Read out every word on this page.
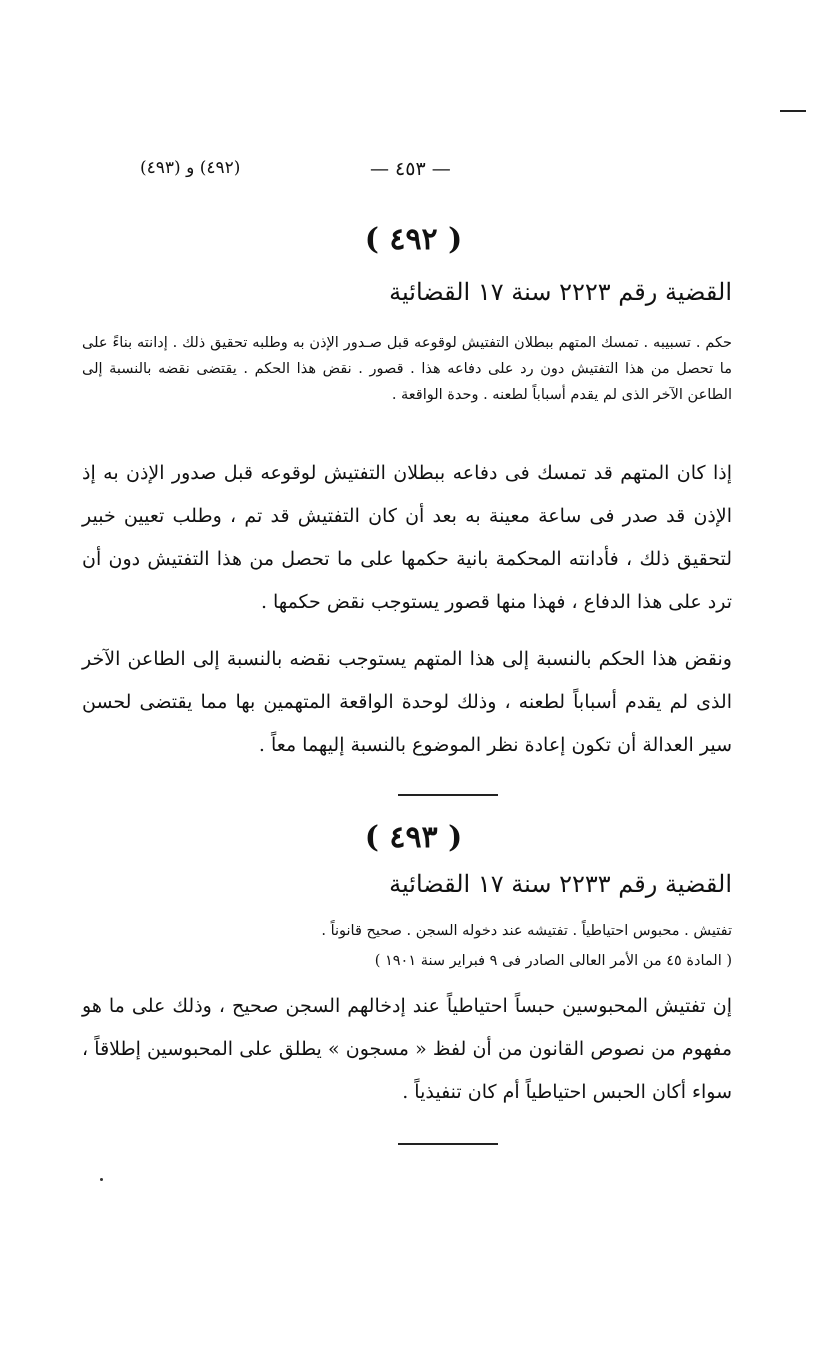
(٤٩٢) و (٤٩٣)	— ٤٥٣ —
( ٤٩٢ )
القضية رقم ٢٢٢٣ سنة ١٧ القضائية
حكم . تسبيبه . تمسك المتهم ببطلان التفتيش لوقوعه قبل صـدور الإذن به وطلبه تحقيق ذلك . إدانته بناءً على ما تحصل من هذا التفتيش دون رد على دفاعه هذا . قصور . نقض هذا الحكم . يقتضى نقضه بالنسبة إلى الطاعن الآخر الذى لم يقدم أسباباً لطعنه . وحدة الواقعة .
إذا كان المتهم قد تمسك فى دفاعه ببطلان التفتيش لوقوعه قبل صدور الإذن به إذ الإذن قد صدر فى ساعة معينة به بعد أن كان التفتيش قد تم ، وطلب تعيين خبير لتحقيق ذلك ، فأدانته المحكمة بانية حكمها على ما تحصل من هذا التفتيش دون أن ترد على هذا الدفاع ، فهذا منها قصور يستوجب نقض حكمها .
ونقض هذا الحكم بالنسبة إلى هذا المتهم يستوجب نقضه بالنسبة إلى الطاعن الآخر الذى لم يقدم أسباباً لطعنه ، وذلك لوحدة الواقعة المتهمين بها مما يقتضى لحسن سير العدالة أن تكون إعادة نظر الموضوع بالنسبة إليهما معاً .
( ٤٩٣ )
القضية رقم ٢٢٣٣ سنة ١٧ القضائية
تفتيش . محبوس احتياطياً . تفتيشه عند دخوله السجن . صحيح قانوناً .
( المادة ٤٥ من الأمر العالى الصادر فى ٩ فبراير سنة ١٩٠١ )
إن تفتيش المحبوسين حبساً احتياطياً عند إدخالهم السجن صحيح ، وذلك على ما هو مفهوم من نصوص القانون من أن لفظ « مسجون » يطلق على المحبوسين إطلاقاً ، سواء أكان الحبس احتياطياً أم كان تنفيذياً .
